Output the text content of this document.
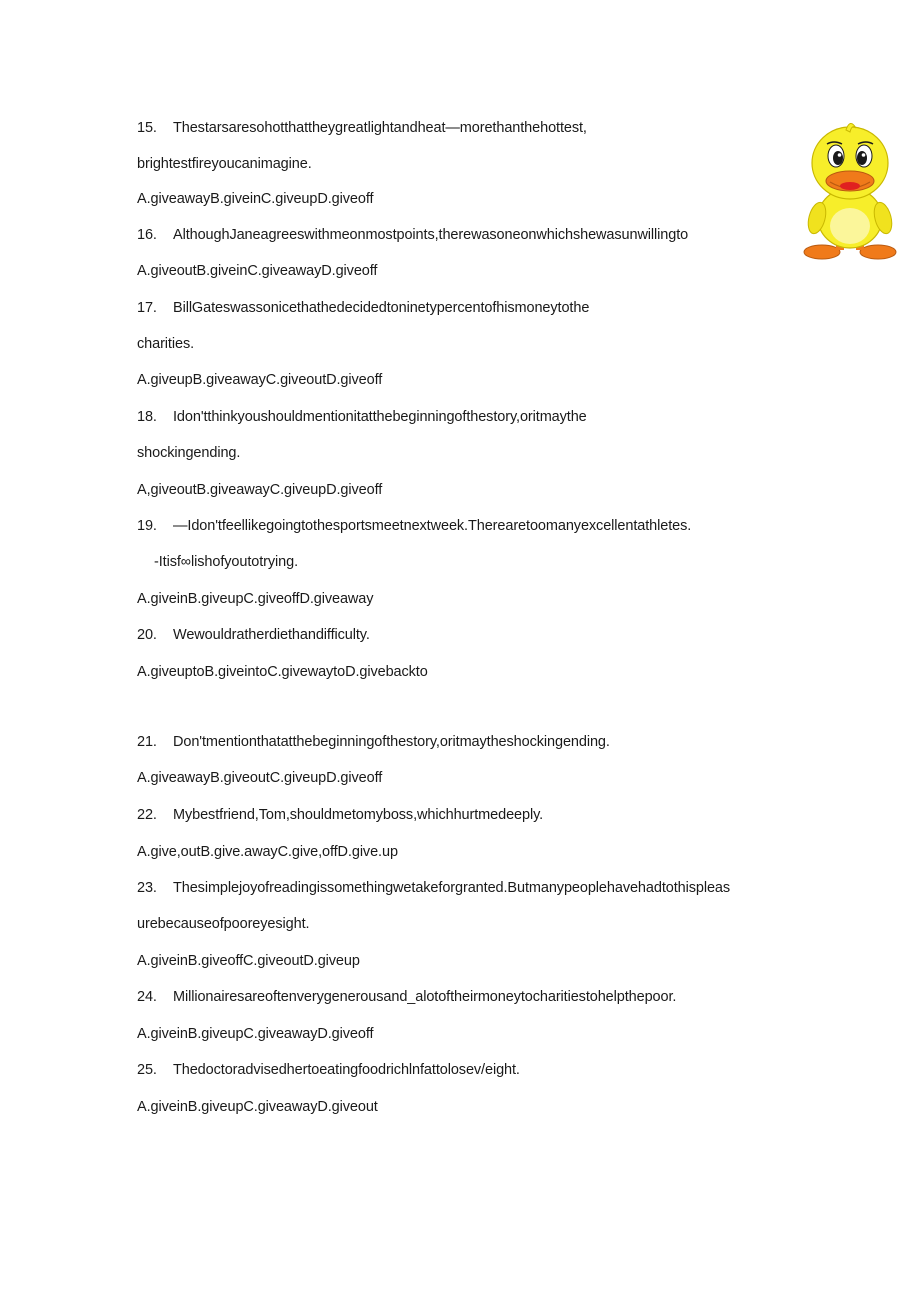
15. Thestarsaresohotthattheygreatlightandheat—morethanthehottest,
brightestfireyoucanimagine.
A.giveawayB.giveinC.giveupD.giveoff
16. AlthoughJaneagreeswithmeonmostpoints,therewasoneonwhichshewasunwillingto
A.giveoutB.giveinC.giveawayD.giveoff
17. BillGateswassonicethathedecidedtoninetypercentofhismoneytothe
charities.
A.giveupB.giveawayC.giveoutD.giveoff
18. Idon'tthinkyoushouldmentionitatthebeginningofthestory,oritmaythe
shockingending.
A,giveoutB.giveawayC.giveupD.giveoff
19. —Idon'tfeellikegoingtothesportsmeetnextweek.Therearetoomanyexcellentathletes.
-Itisf∞lishofyoutotrying.
A.giveinB.giveupC.giveoffD.giveaway
20. Wewouldratherdiethandifficulty.
A.giveuptoB.giveintoC.givewaytoD.givebackto
21. Don'tmentionthatatthebeginningofthestory,oritmaytheshockingending.
A.giveawayB.giveoutC.giveupD.giveoff
22. Mybestfriend,Tom,shouldmetomyboss,whichhurtmedeeply.
A.give,outB.give.awayC.give,offD.give.up
23. Thesimplejoyofreadingissomethingwetakeforgranted.Butmanypeoplehavehadtothispleas
urebecauseofpooreyesight.
A.giveinB.giveoffC.giveoutD.giveup
24. Millionairesareoftenverygenerousand_alotoftheirmoneytocharitiestohelpthepoor.
A.giveinB.giveupC.giveawayD.giveoff
25. Thedoctoradvisedhertoeatingfoodrichlnfattolosev/eight.
A.giveinB.giveupC.giveawayD.giveout
